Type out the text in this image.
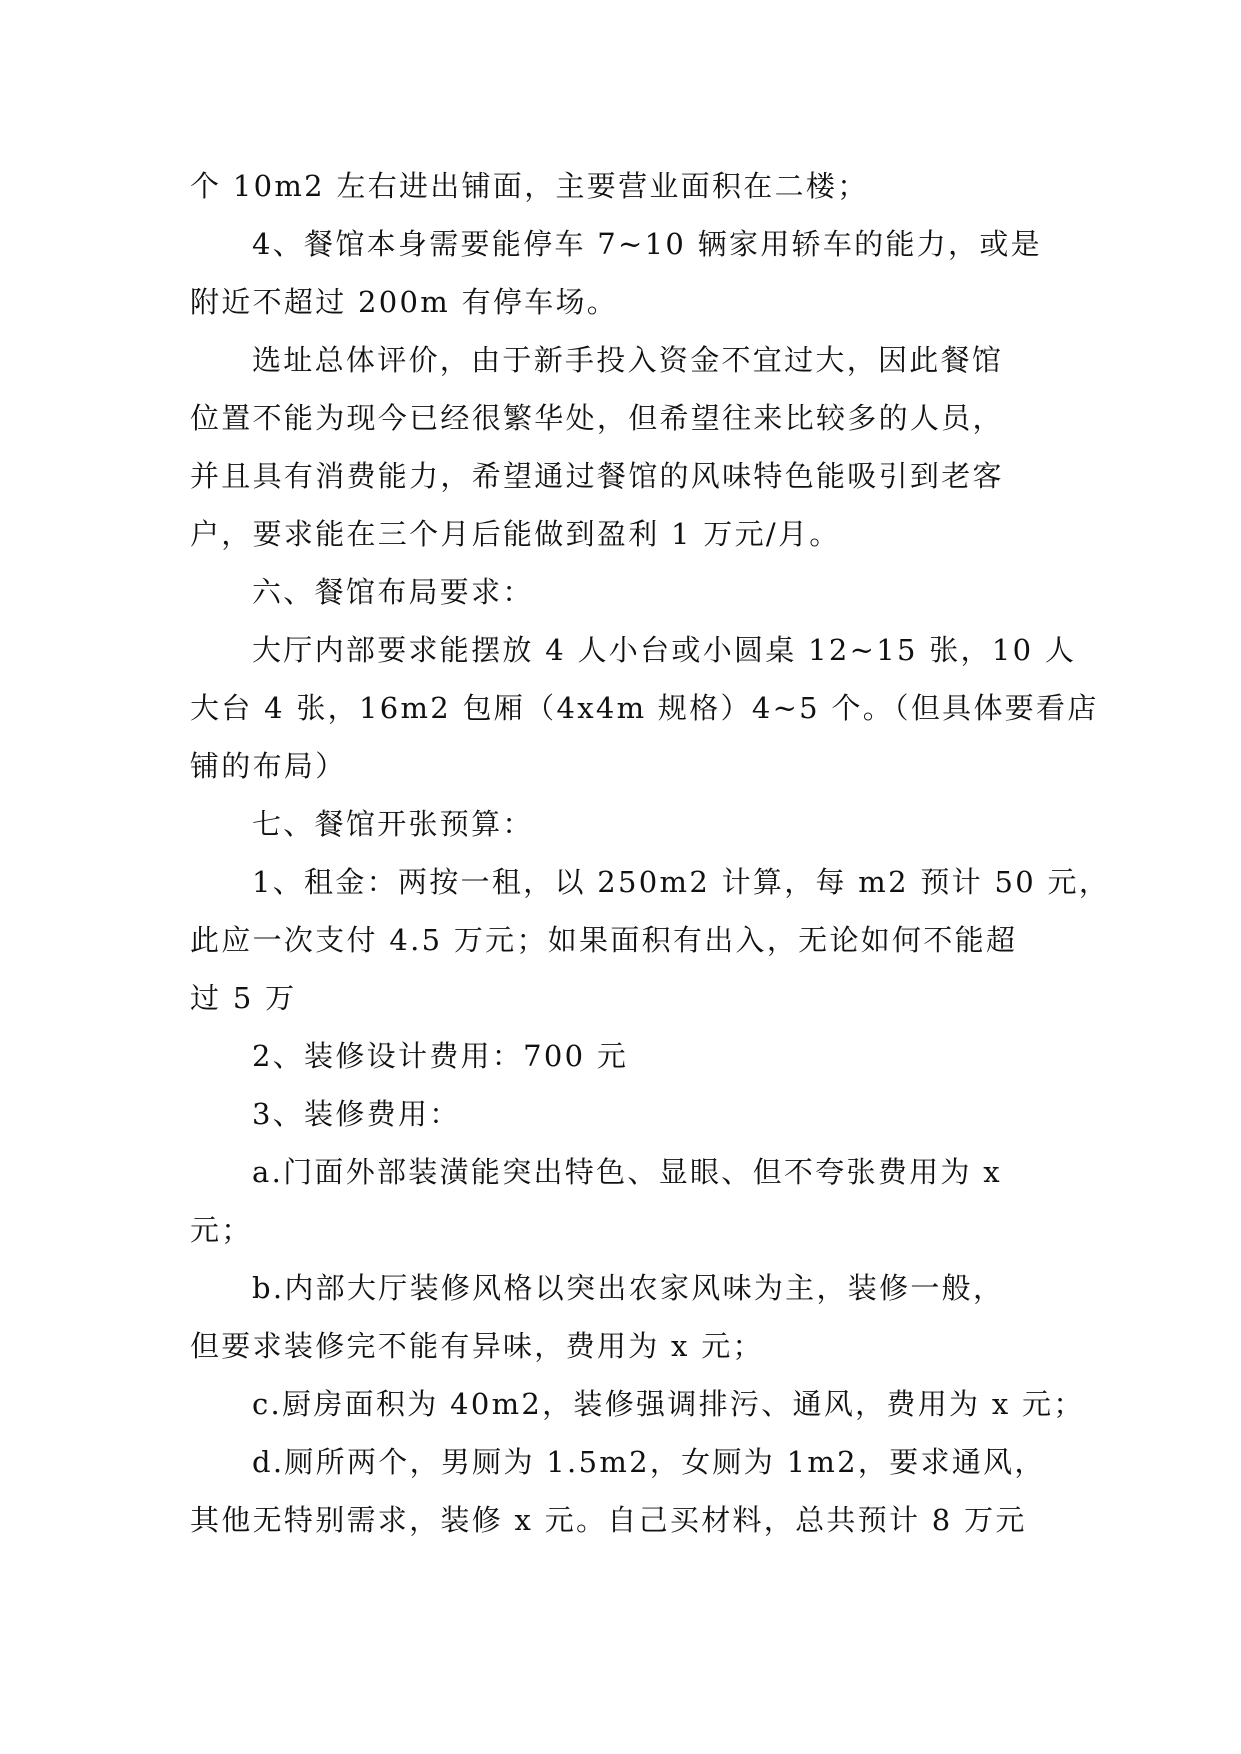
个 10m2 左右进出铺面，主要营业面积在二楼；
4、餐馆本身需要能停车 7~10 辆家用轿车的能力，或是
附近不超过 200m 有停车场。
选址总体评价，由于新手投入资金不宜过大，因此餐馆
位置不能为现今已经很繁华处，但希望往来比较多的人员，
并且具有消费能力，希望通过餐馆的风味特色能吸引到老客
户，要求能在三个月后能做到盈利 1 万元/月。
六、餐馆布局要求：
大厅内部要求能摆放 4 人小台或小圆桌 12~15 张，10 人
大台 4 张，16m2 包厢（4x4m 规格）4~5 个。（但具体要看店
铺的布局）
七、餐馆开张预算：
1、租金：两按一租，以 250m2 计算，每 m2 预计 50 元，
此应一次支付 4.5 万元；如果面积有出入，无论如何不能超
过 5 万
2、装修设计费用：700 元
3、装修费用：
a.门面外部装潢能突出特色、显眼、但不夸张费用为 x
元；
b.内部大厅装修风格以突出农家风味为主，装修一般，
但要求装修完不能有异味，费用为 x 元；
c.厨房面积为 40m2，装修强调排污、通风，费用为 x 元；
d.厕所两个，男厕为 1.5m2，女厕为 1m2，要求通风，
其他无特别需求，装修 x 元。自己买材料，总共预计 8 万元
